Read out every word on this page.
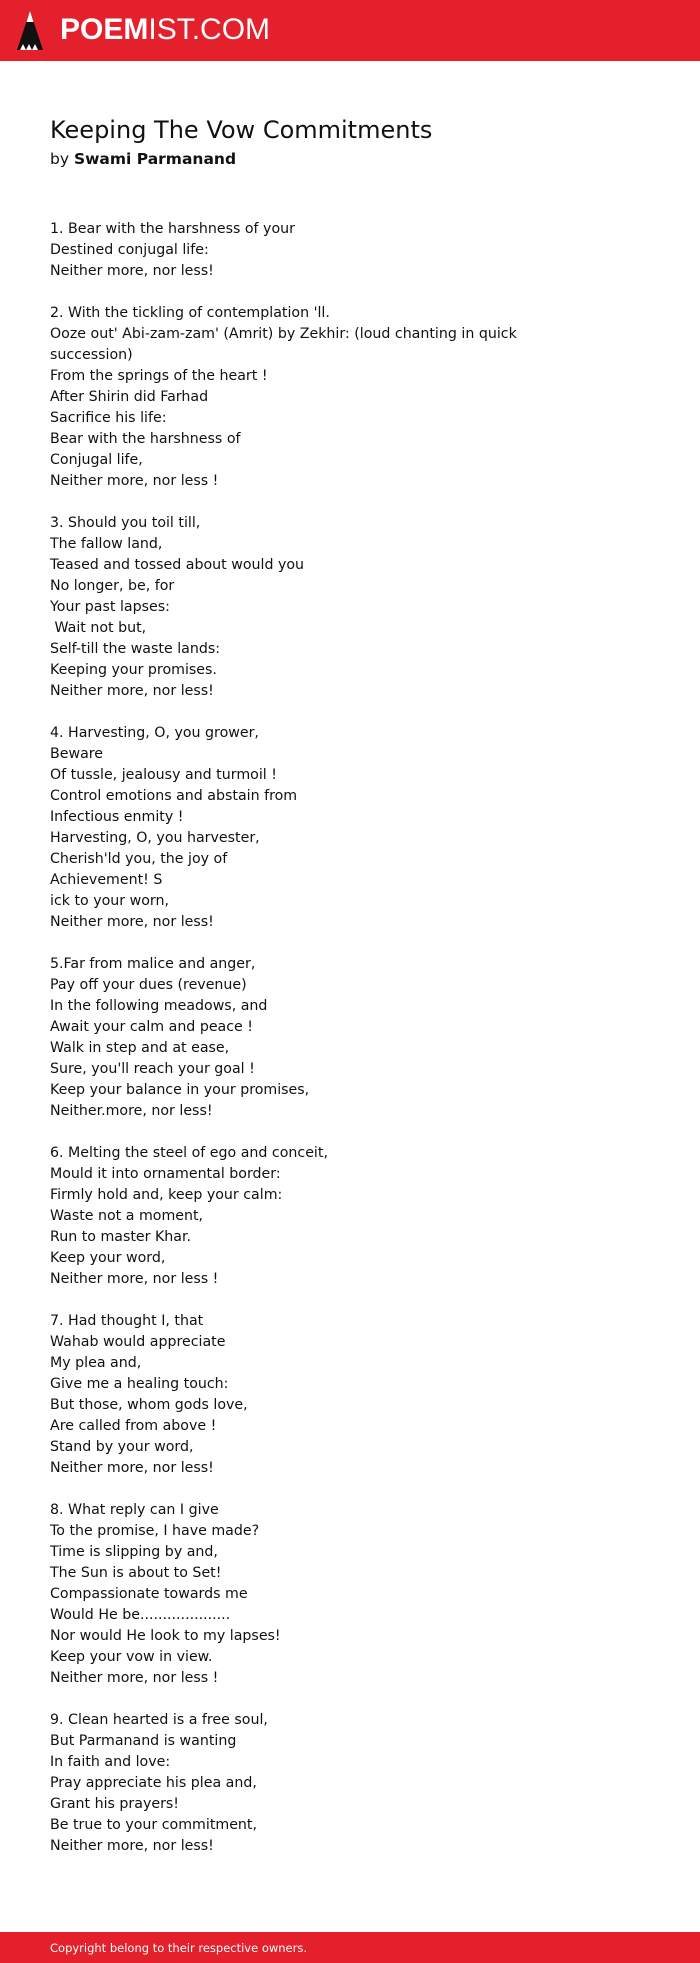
POEMIST.COM
Keeping The Vow Commitments
by Swami Parmanand
1. Bear with the harshness of your
Destined conjugal life:
Neither more, nor less!
2. With the tickling of contemplation 'll.
Ooze out' Abi-zam-zam' (Amrit) by Zekhir: (loud chanting in quick
succession)
From the springs of the heart !
After Shirin did Farhad
Sacrifice his life:
Bear with the harshness of
Conjugal life,
Neither more, nor less !
3. Should you toil till,
The fallow land,
Teased and tossed about would you
No longer, be, for
Your past lapses:
Wait not but,
Self-till the waste lands:
Keeping your promises.
Neither more, nor less!
4. Harvesting, O, you grower,
Beware
Of tussle, jealousy and turmoil !
Control emotions and abstain from
Infectious enmity !
Harvesting, O, you harvester,
Cherish'ld you, the joy of
Achievement! S
ick to your worn,
Neither more, nor less!
5.Far from malice and anger,
Pay off your dues (revenue)
In the following meadows, and
Await your calm and peace !
Walk in step and at ease,
Sure, you'll reach your goal !
Keep your balance in your promises,
Neither.more, nor less!
6. Melting the steel of ego and conceit,
Mould it into ornamental border:
Firmly hold and, keep your calm:
Waste not a moment,
Run to master Khar.
Keep your word,
Neither more, nor less !
7. Had thought I, that
Wahab would appreciate
My plea and,
Give me a healing touch:
But those, whom gods love,
Are called from above !
Stand by your word,
Neither more, nor less!
8. What reply can I give
To the promise, I have made?
Time is slipping by and,
The Sun is about to Set!
Compassionate towards me
Would He be....................
Nor would He look to my lapses!
Keep your vow in view.
Neither more, nor less !
9. Clean hearted is a free soul,
But Parmanand is wanting
In faith and love:
Pray appreciate his plea and,
Grant his prayers!
Be true to your commitment,
Neither more, nor less!
Copyright belong to their respective owners.
